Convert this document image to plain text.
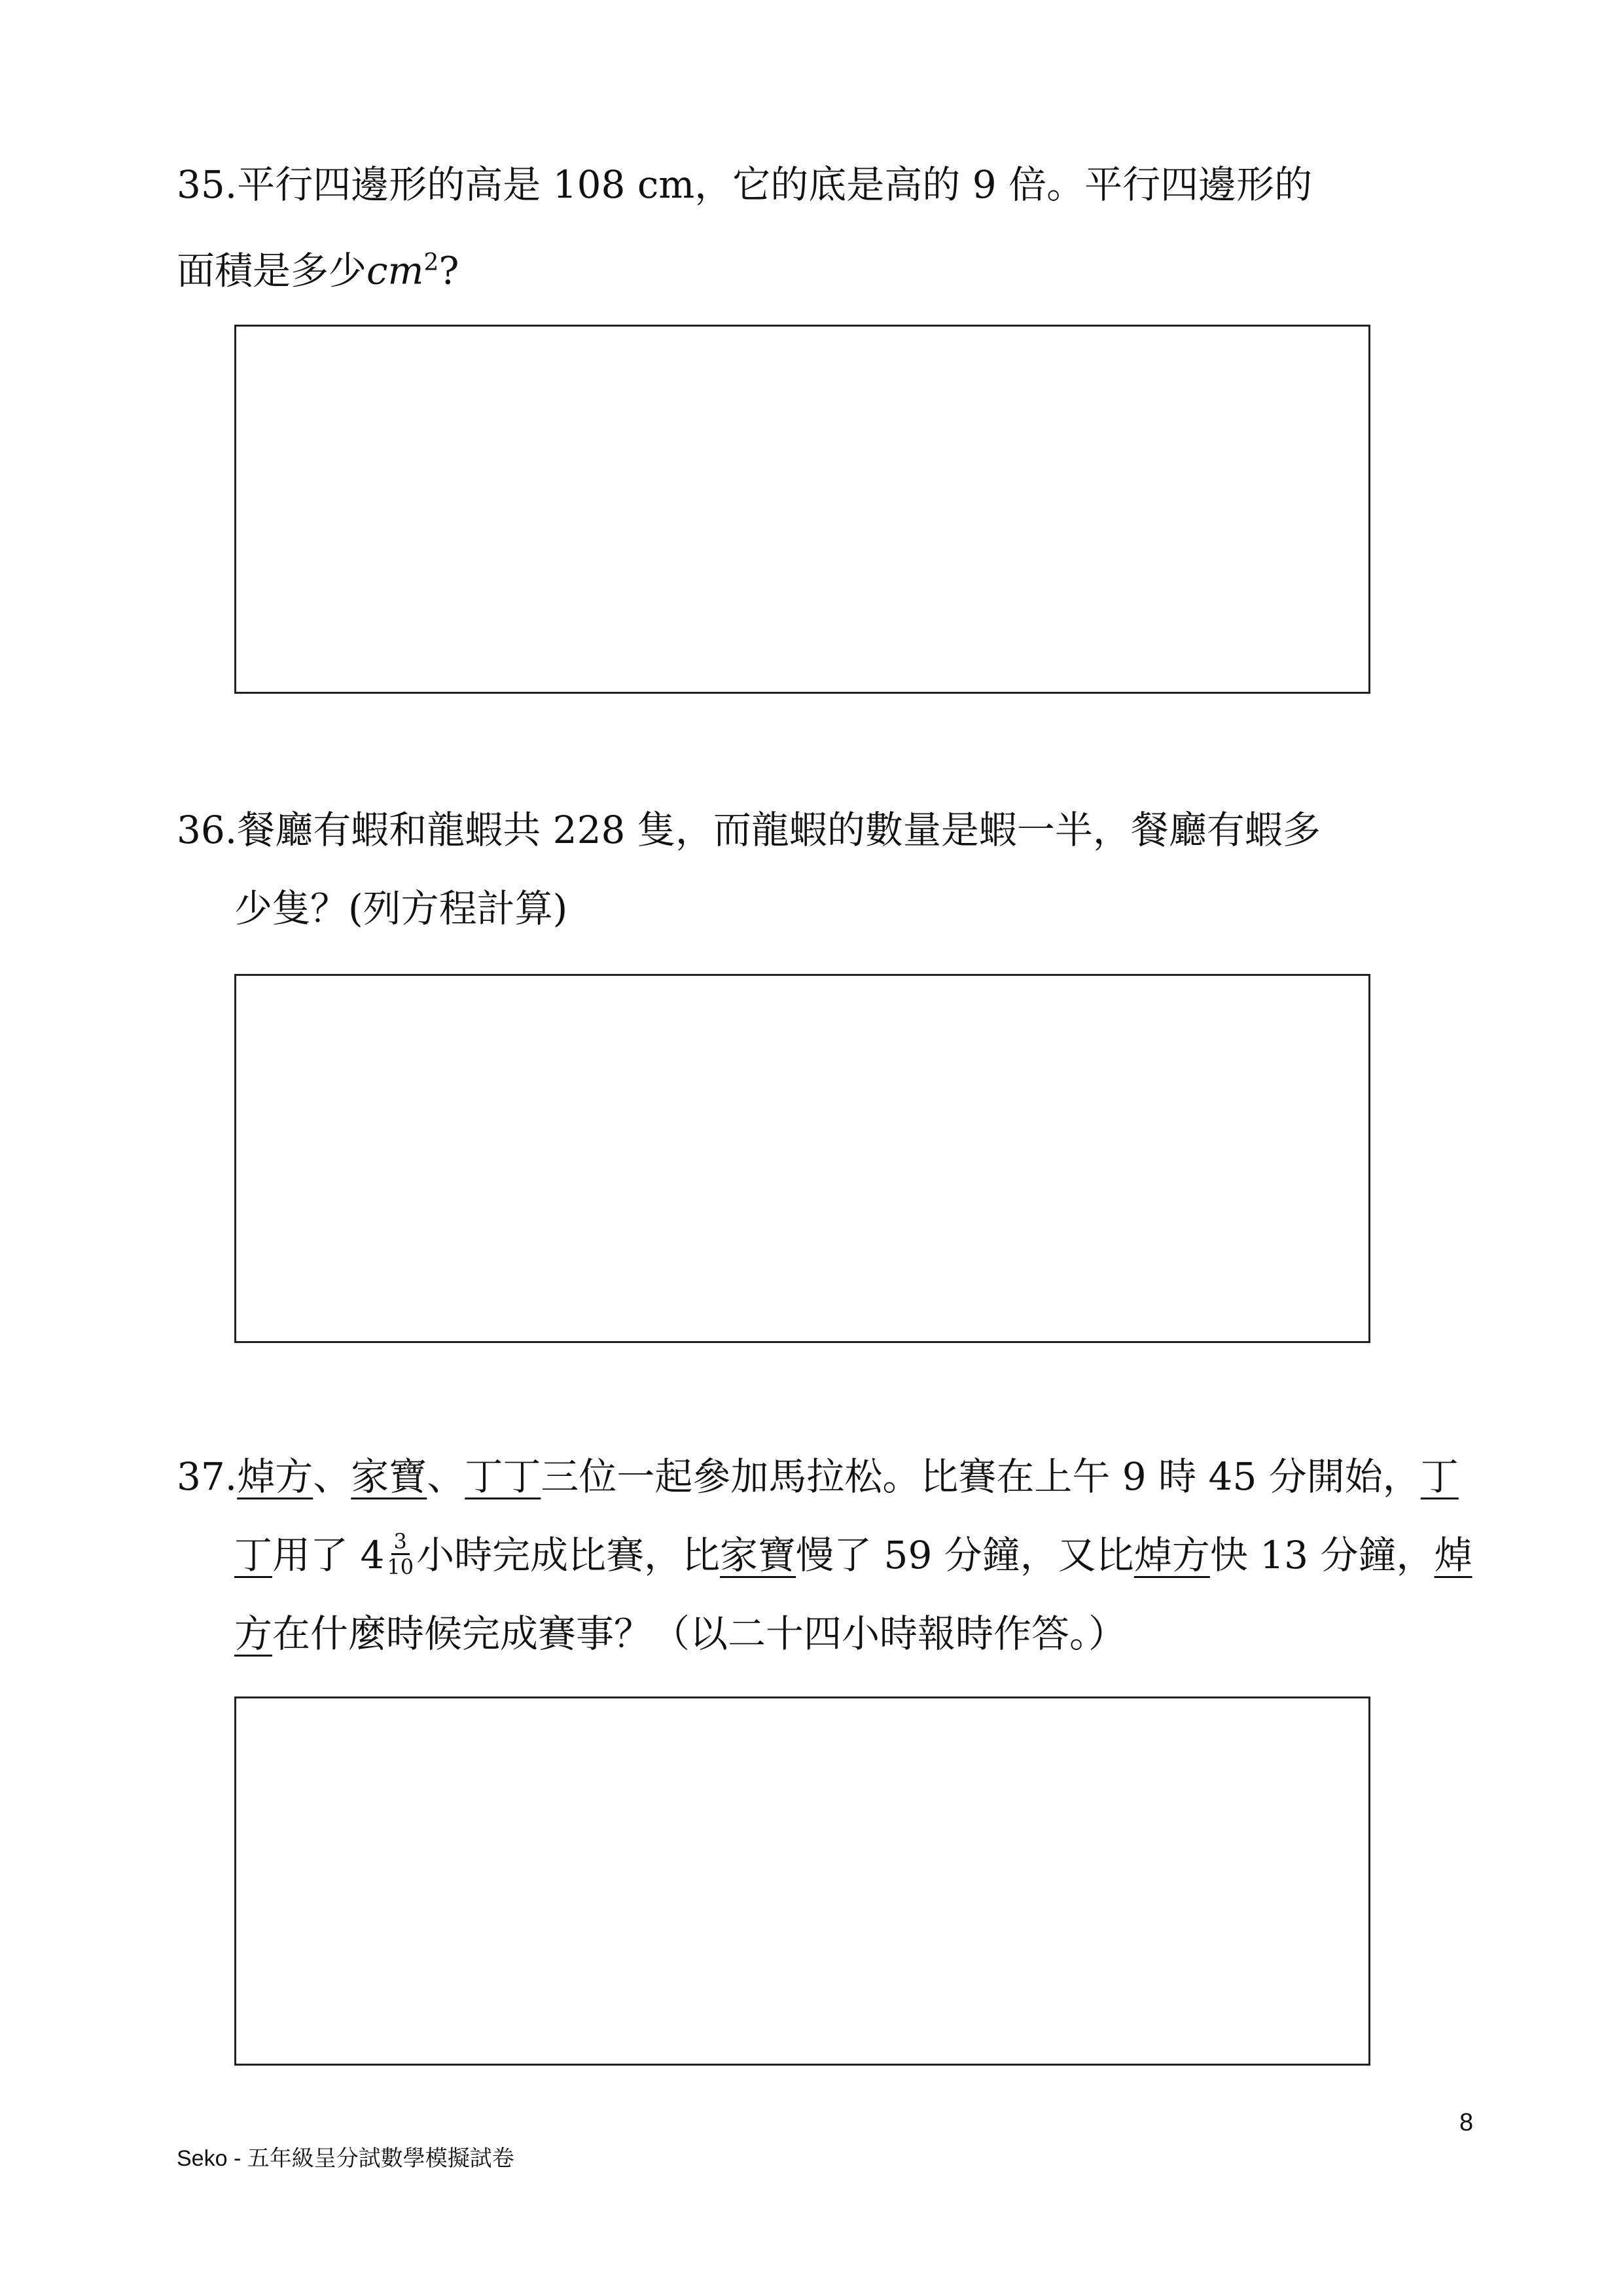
35.平行四邊形的高是 108 cm，它的底是高的 9 倍。平行四邊形的
面積是多少$cm^2$?
36.餐廳有蝦和龍蝦共 228 隻，而龍蝦的數量是蝦一半，餐廳有蝦多
少隻？(列方程計算)
37.焯方、家寶、丁丁三位一起參加馬拉松。比賽在上午 9 時 45 分開始，丁
丁用了 $4 \frac{3}{10}$ 小時完成比賽，比家寶慢了 59 分鐘，又比焯方快 13 分鐘，焯
方在什麼時候完成賽事？（以二十四小時報時作答。）
8
Seko - 五年級呈分試數學模擬試卷
